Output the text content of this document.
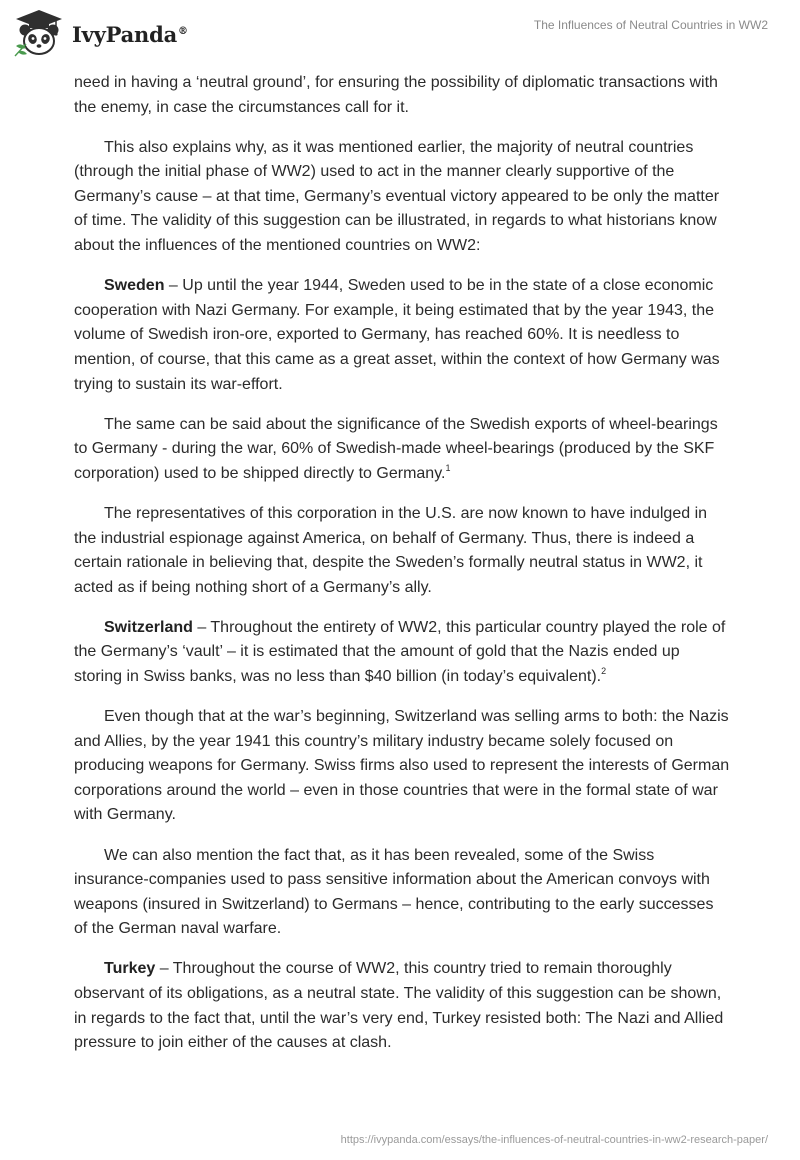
IvyPanda®	The Influences of Neutral Countries in WW2

need in having a ‘neutral ground’, for ensuring the possibility of diplomatic transactions with the enemy, in case the circumstances call for it.

This also explains why, as it was mentioned earlier, the majority of neutral countries (through the initial phase of WW2) used to act in the manner clearly supportive of the Germany’s cause – at that time, Germany’s eventual victory appeared to be only the matter of time. The validity of this suggestion can be illustrated, in regards to what historians know about the influences of the mentioned countries on WW2:

Sweden – Up until the year 1944, Sweden used to be in the state of a close economic cooperation with Nazi Germany. For example, it being estimated that by the year 1943, the volume of Swedish iron-ore, exported to Germany, has reached 60%. It is needless to mention, of course, that this came as a great asset, within the context of how Germany was trying to sustain its war-effort.

The same can be said about the significance of the Swedish exports of wheel-bearings to Germany - during the war, 60% of Swedish-made wheel-bearings (produced by the SKF corporation) used to be shipped directly to Germany.$^1$

The representatives of this corporation in the U.S. are now known to have indulged in the industrial espionage against America, on behalf of Germany. Thus, there is indeed a certain rationale in believing that, despite the Sweden’s formally neutral status in WW2, it acted as if being nothing short of a Germany’s ally.

Switzerland – Throughout the entirety of WW2, this particular country played the role of the Germany’s ‘vault’ – it is estimated that the amount of gold that the Nazis ended up storing in Swiss banks, was no less than $40 billion (in today’s equivalent).$^2$

Even though that at the war’s beginning, Switzerland was selling arms to both: the Nazis and Allies, by the year 1941 this country’s military industry became solely focused on producing weapons for Germany. Swiss firms also used to represent the interests of German corporations around the world – even in those countries that were in the formal state of war with Germany.

We can also mention the fact that, as it has been revealed, some of the Swiss insurance-companies used to pass sensitive information about the American convoys with weapons (insured in Switzerland) to Germans – hence, contributing to the early successes of the German naval warfare.

Turkey – Throughout the course of WW2, this country tried to remain thoroughly observant of its obligations, as a neutral state. The validity of this suggestion can be shown, in regards to the fact that, until the war’s very end, Turkey resisted both: The Nazi and Allied pressure to join either of the causes at clash.

https://ivypanda.com/essays/the-influences-of-neutral-countries-in-ww2-research-paper/
